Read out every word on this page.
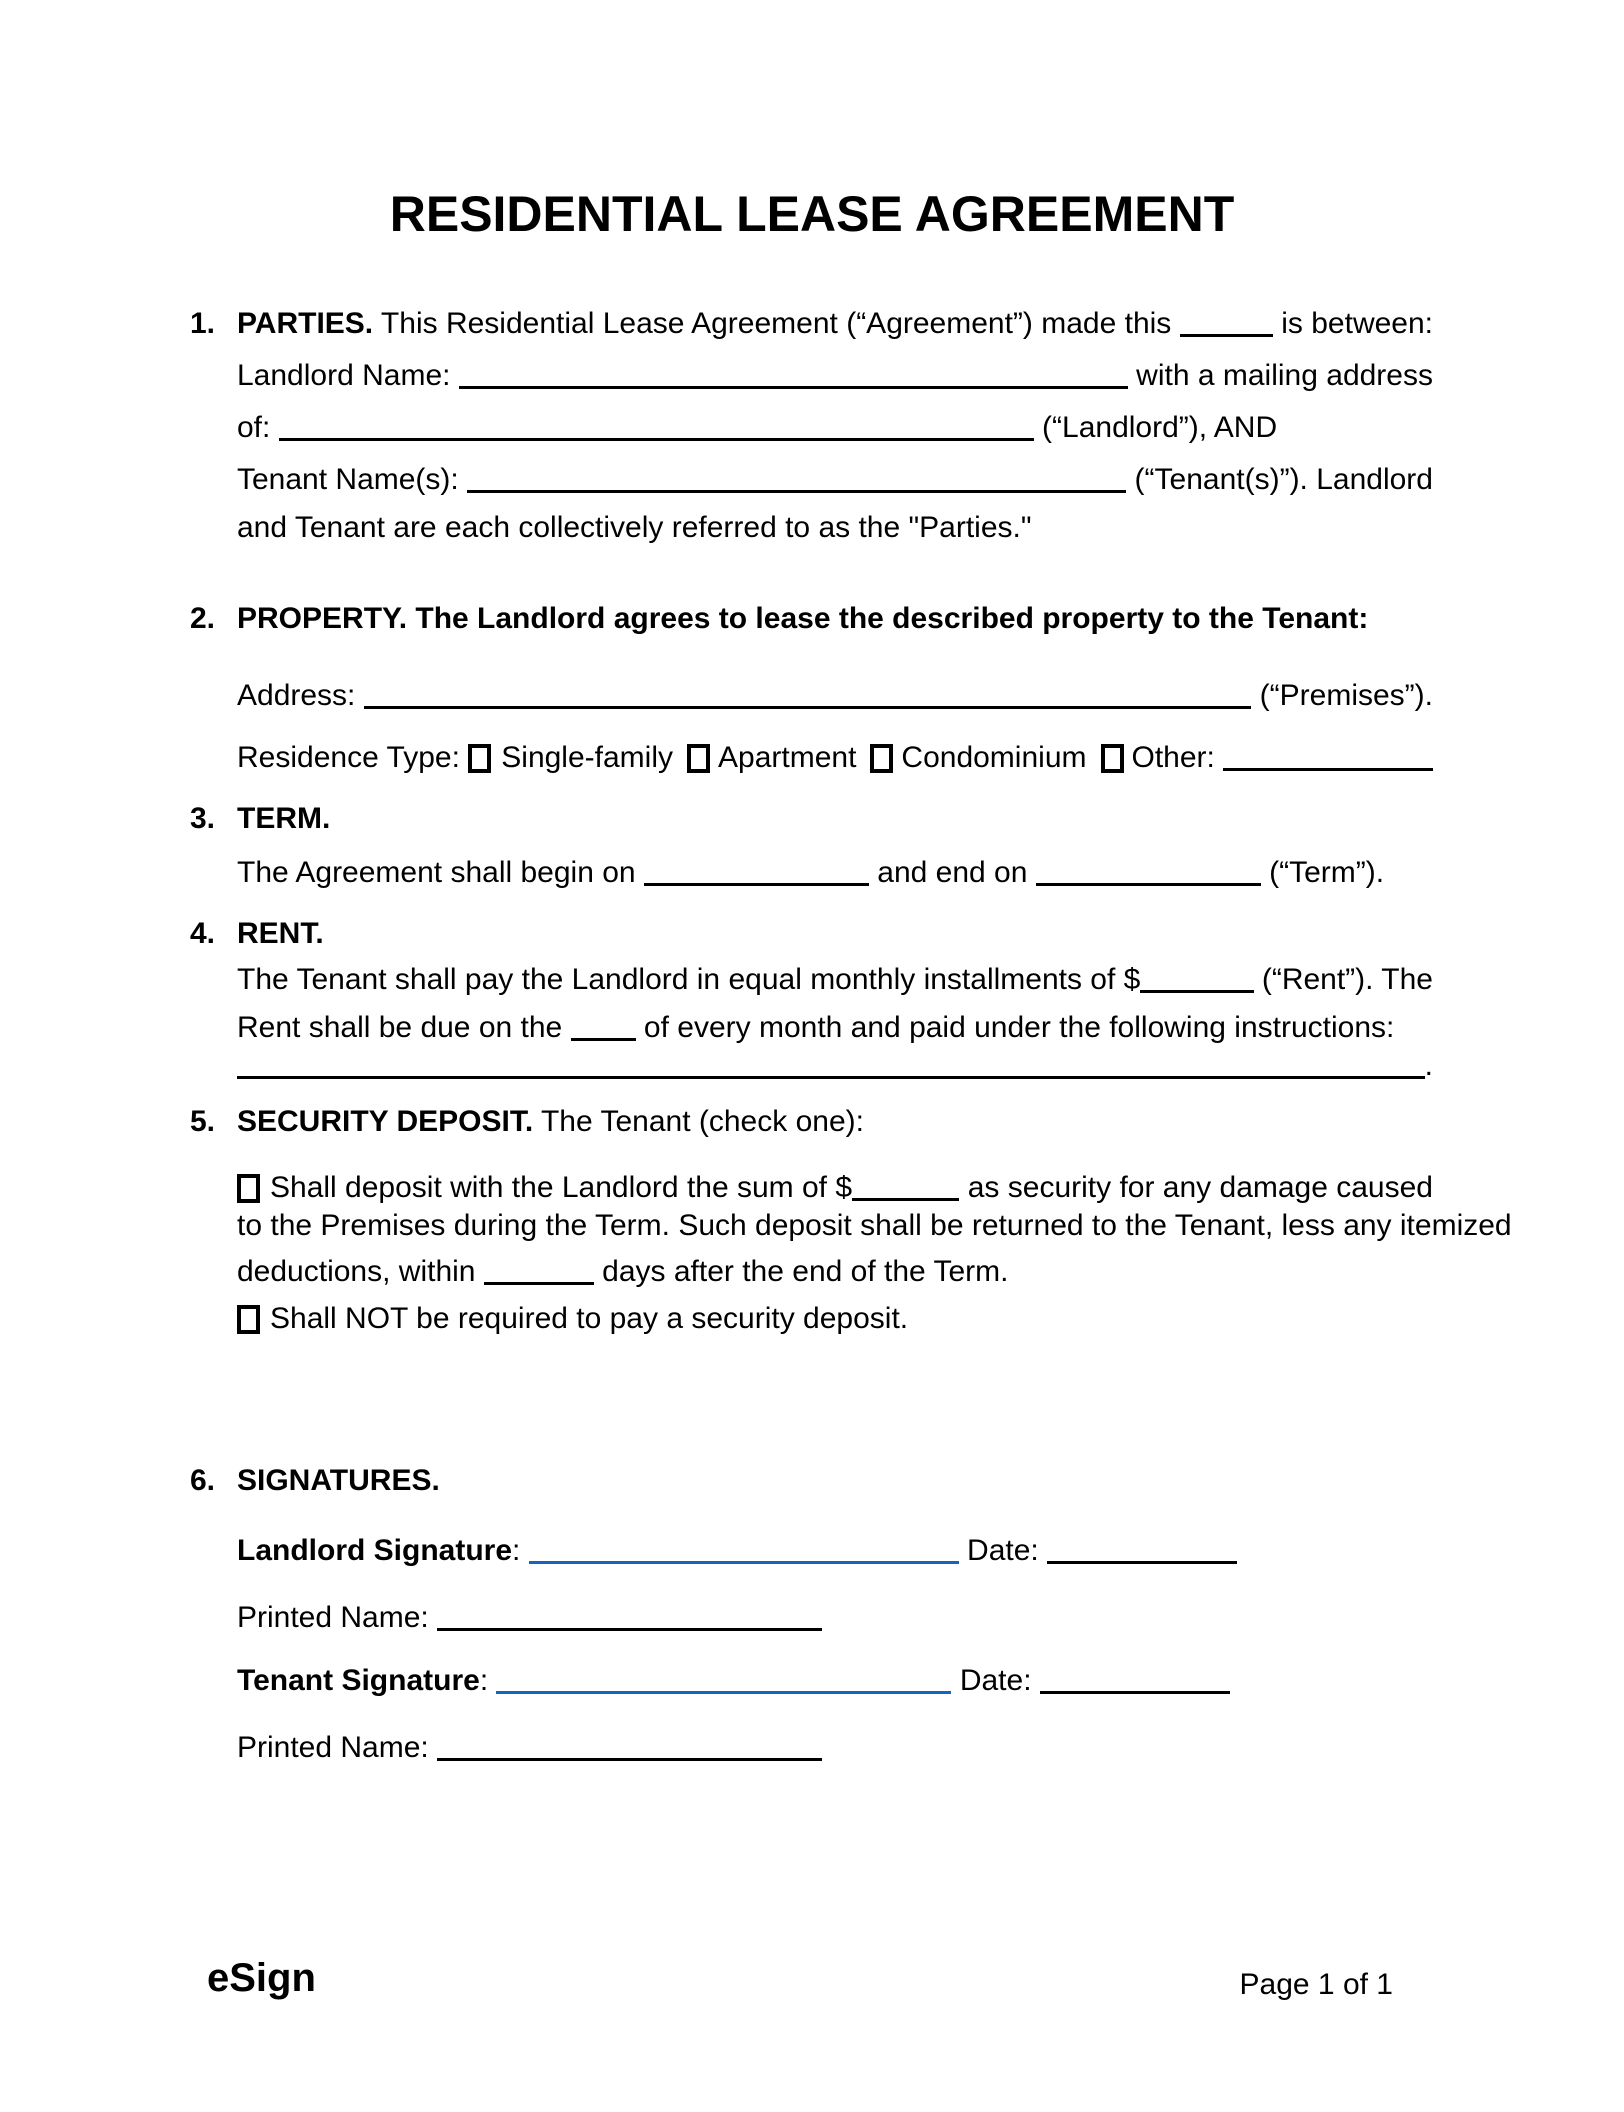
RESIDENTIAL LEASE AGREEMENT
1. PARTIES. This Residential Lease Agreement (“Agreement”) made this	is between:
Landlord Name:	with a mailing address
of:	(“Landlord”), AND
Tenant Name(s):	(“Tenant(s)”). Landlord
and Tenant are each collectively referred to as the "Parties."
2. PROPERTY. The Landlord agrees to lease the described property to the Tenant:
Address:	(“Premises”).
Residence Type: Single-family Apartment Condominium Other:
3. TERM.
The Agreement shall begin on	and end on	(“Term”).
4. RENT.
The Tenant shall pay the Landlord in equal monthly installments of $	(“Rent”). The
Rent shall be due on the of every month and paid under the following instructions:
.
5. SECURITY DEPOSIT. The Tenant (check one):
Shall deposit with the Landlord the sum of $	as security for any damage caused
to the Premises during the Term. Such deposit shall be returned to the Tenant, less any itemized
deductions, within	days after the end of the Term.
Shall NOT be required to pay a security deposit.
6. SIGNATURES.
Landlord Signature :	Date:
Printed Name:
Tenant Signature :	Date:
Printed Name:
eSign	Page 1 of 1
